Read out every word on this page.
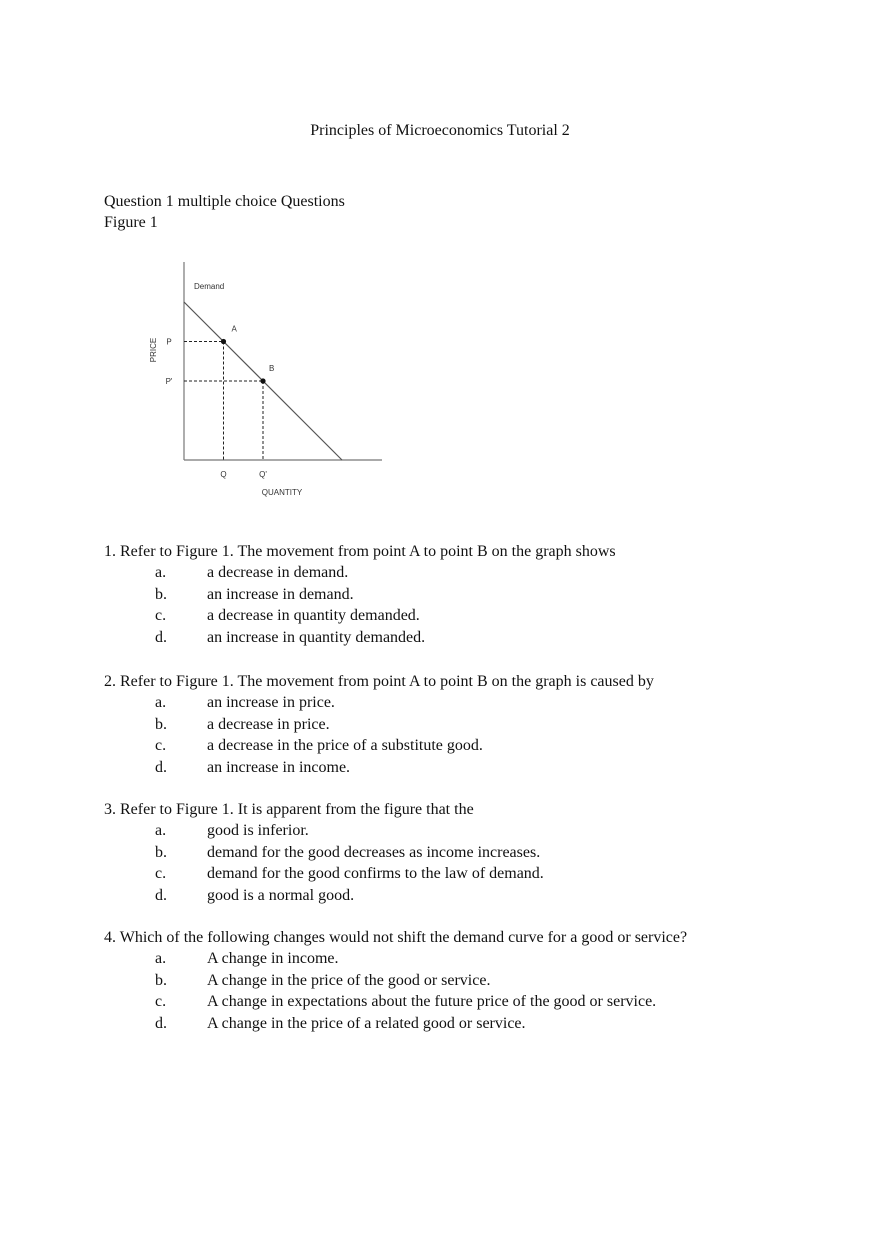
Principles of Microeconomics Tutorial 2
Question 1 multiple choice Questions
Figure 1
Demand
A
B
P
P'
Q	Q'
QUANTITY
PRICE
1. Refer to Figure 1. The movement from point A to point B on the graph shows
a.	a decrease in demand.
b.	an increase in demand.
c.	a decrease in quantity demanded.
d.	an increase in quantity demanded.
2. Refer to Figure 1. The movement from point A to point B on the graph is caused by
a.	an increase in price.
b.	a decrease in price.
c.	a decrease in the price of a substitute good.
d.	an increase in income.
3. Refer to Figure 1. It is apparent from the figure that the
a.	good is inferior.
b.	demand for the good decreases as income increases.
c.	demand for the good confirms to the law of demand.
d.	good is a normal good.
4. Which of the following changes would not shift the demand curve for a good or service?
a.	A change in income.
b.	A change in the price of the good or service.
c.	A change in expectations about the future price of the good or service.
d.	A change in the price of a related good or service.
